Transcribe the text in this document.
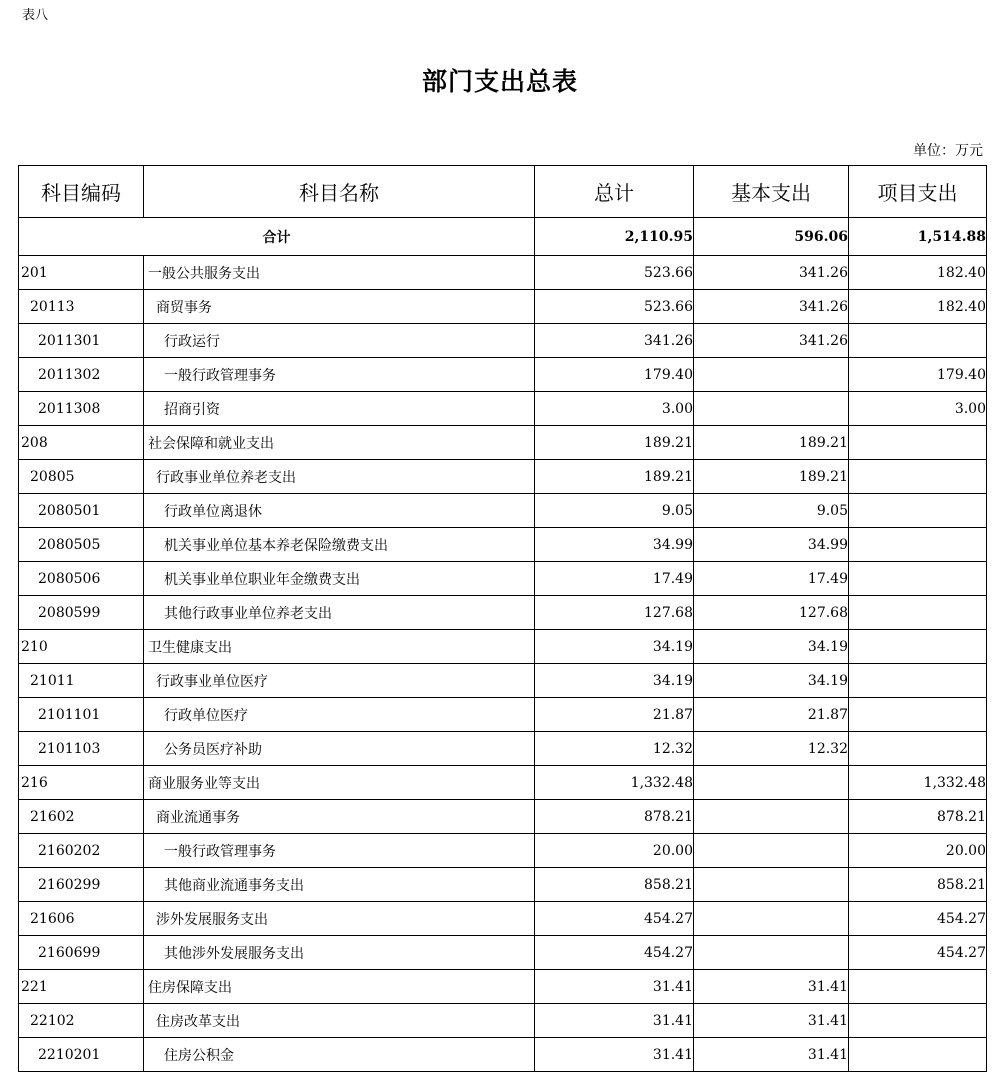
表八
部门支出总表
单位：万元
科目编码	科目名称	总计	基本支出	项目支出
合计		2,110.95	596.06	1,514.88
201	一般公共服务支出	523.66	341.26	182.40
20113	商贸事务	523.66	341.26	182.40
2011301	行政运行	341.26	341.26	
2011302	一般行政管理事务	179.40		179.40
2011308	招商引资	3.00		3.00
208	社会保障和就业支出	189.21	189.21	
20805	行政事业单位养老支出	189.21	189.21	
2080501	行政单位离退休	9.05	9.05	
2080505	机关事业单位基本养老保险缴费支出	34.99	34.99	
2080506	机关事业单位职业年金缴费支出	17.49	17.49	
2080599	其他行政事业单位养老支出	127.68	127.68	
210	卫生健康支出	34.19	34.19	
21011	行政事业单位医疗	34.19	34.19	
2101101	行政单位医疗	21.87	21.87	
2101103	公务员医疗补助	12.32	12.32	
216	商业服务业等支出	1,332.48		1,332.48
21602	商业流通事务	878.21		878.21
2160202	一般行政管理事务	20.00		20.00
2160299	其他商业流通事务支出	858.21		858.21
21606	涉外发展服务支出	454.27		454.27
2160699	其他涉外发展服务支出	454.27		454.27
221	住房保障支出	31.41	31.41	
22102	住房改革支出	31.41	31.41	
2210201	住房公积金	31.41	31.41	
